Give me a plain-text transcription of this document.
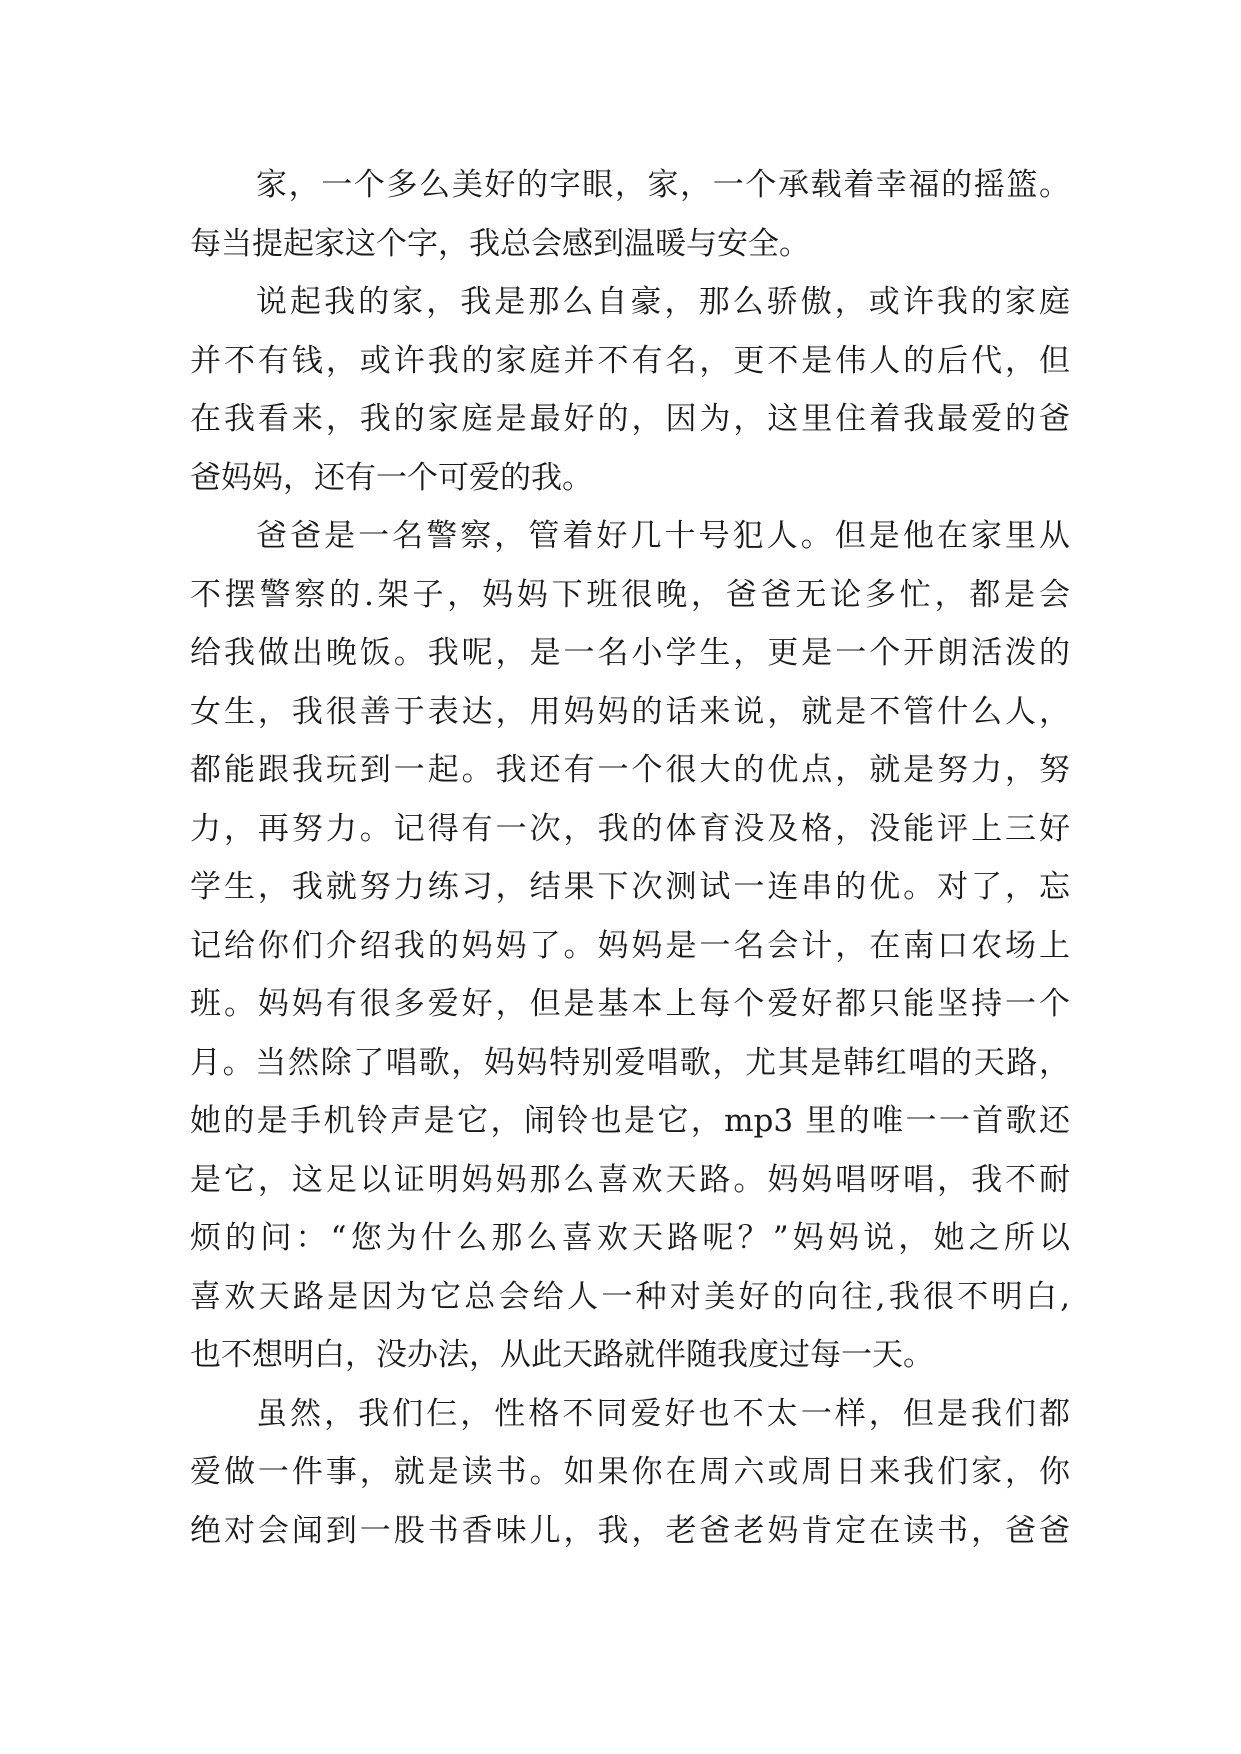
家，一个多么美好的字眼，家，一个承载着幸福的摇篮。
每当提起家这个字，我总会感到温暖与安全。
说起我的家，我是那么自豪，那么骄傲，或许我的家庭
并不有钱，或许我的家庭并不有名，更不是伟人的后代，但
在我看来，我的家庭是最好的，因为，这里住着我最爱的爸
爸妈妈，还有一个可爱的我。
爸爸是一名警察，管着好几十号犯人。但是他在家里从
不摆警察的.架子，妈妈下班很晚，爸爸无论多忙，都是会
给我做出晚饭。我呢，是一名小学生，更是一个开朗活泼的
女生，我很善于表达，用妈妈的话来说，就是不管什么人，
都能跟我玩到一起。我还有一个很大的优点，就是努力，努
力，再努力。记得有一次，我的体育没及格，没能评上三好
学生，我就努力练习，结果下次测试一连串的优。对了，忘
记给你们介绍我的妈妈了。妈妈是一名会计，在南口农场上
班。妈妈有很多爱好，但是基本上每个爱好都只能坚持一个
月。当然除了唱歌，妈妈特别爱唱歌，尤其是韩红唱的天路，
她的是手机铃声是它，闹铃也是它，mp3 里的唯一一首歌还
是它，这足以证明妈妈那么喜欢天路。妈妈唱呀唱，我不耐
烦的问：“您为什么那么喜欢天路呢？”妈妈说，她之所以
喜欢天路是因为它总会给人一种对美好的向往,我很不明白,
也不想明白，没办法，从此天路就伴随我度过每一天。
虽然，我们仨，性格不同爱好也不太一样，但是我们都
爱做一件事，就是读书。如果你在周六或周日来我们家，你
绝对会闻到一股书香味儿，我，老爸老妈肯定在读书，爸爸
